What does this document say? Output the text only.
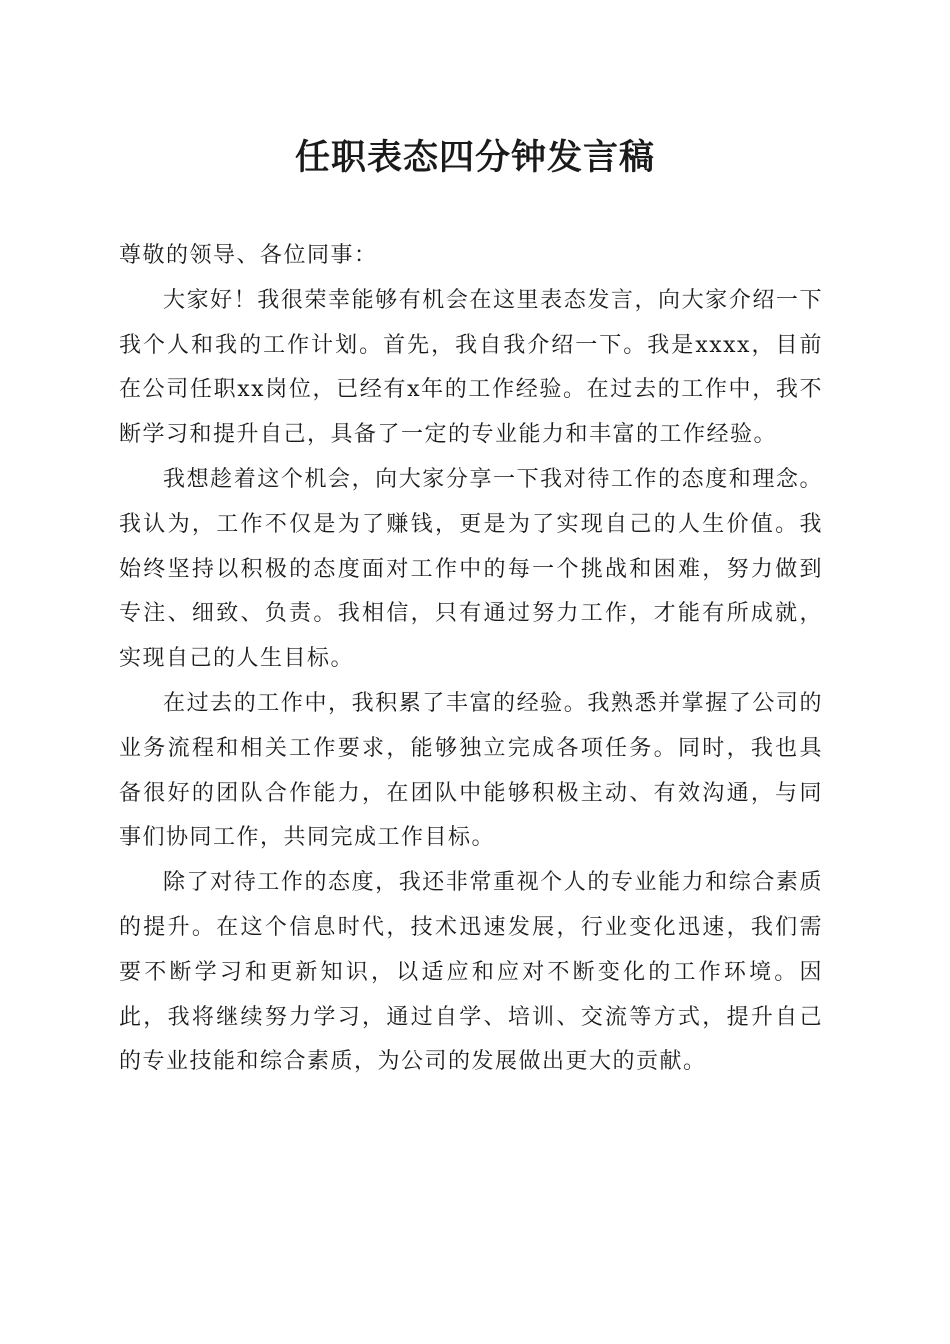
任职表态四分钟发言稿

尊敬的领导、各位同事：

大家好！我很荣幸能够有机会在这里表态发言，向大家介绍一下我个人和我的工作计划。首先，我自我介绍一下。我是xxxx，目前在公司任职xx岗位，已经有x年的工作经验。在过去的工作中，我不断学习和提升自己，具备了一定的专业能力和丰富的工作经验。

我想趁着这个机会，向大家分享一下我对待工作的态度和理念。我认为，工作不仅是为了赚钱，更是为了实现自己的人生价值。我始终坚持以积极的态度面对工作中的每一个挑战和困难，努力做到专注、细致、负责。我相信，只有通过努力工作，才能有所成就，实现自己的人生目标。

在过去的工作中，我积累了丰富的经验。我熟悉并掌握了公司的业务流程和相关工作要求，能够独立完成各项任务。同时，我也具备很好的团队合作能力，在团队中能够积极主动、有效沟通，与同事们协同工作，共同完成工作目标。

除了对待工作的态度，我还非常重视个人的专业能力和综合素质的提升。在这个信息时代，技术迅速发展，行业变化迅速，我们需要不断学习和更新知识，以适应和应对不断变化的工作环境。因此，我将继续努力学习，通过自学、培训、交流等方式，提升自己的专业技能和综合素质，为公司的发展做出更大的贡献。
